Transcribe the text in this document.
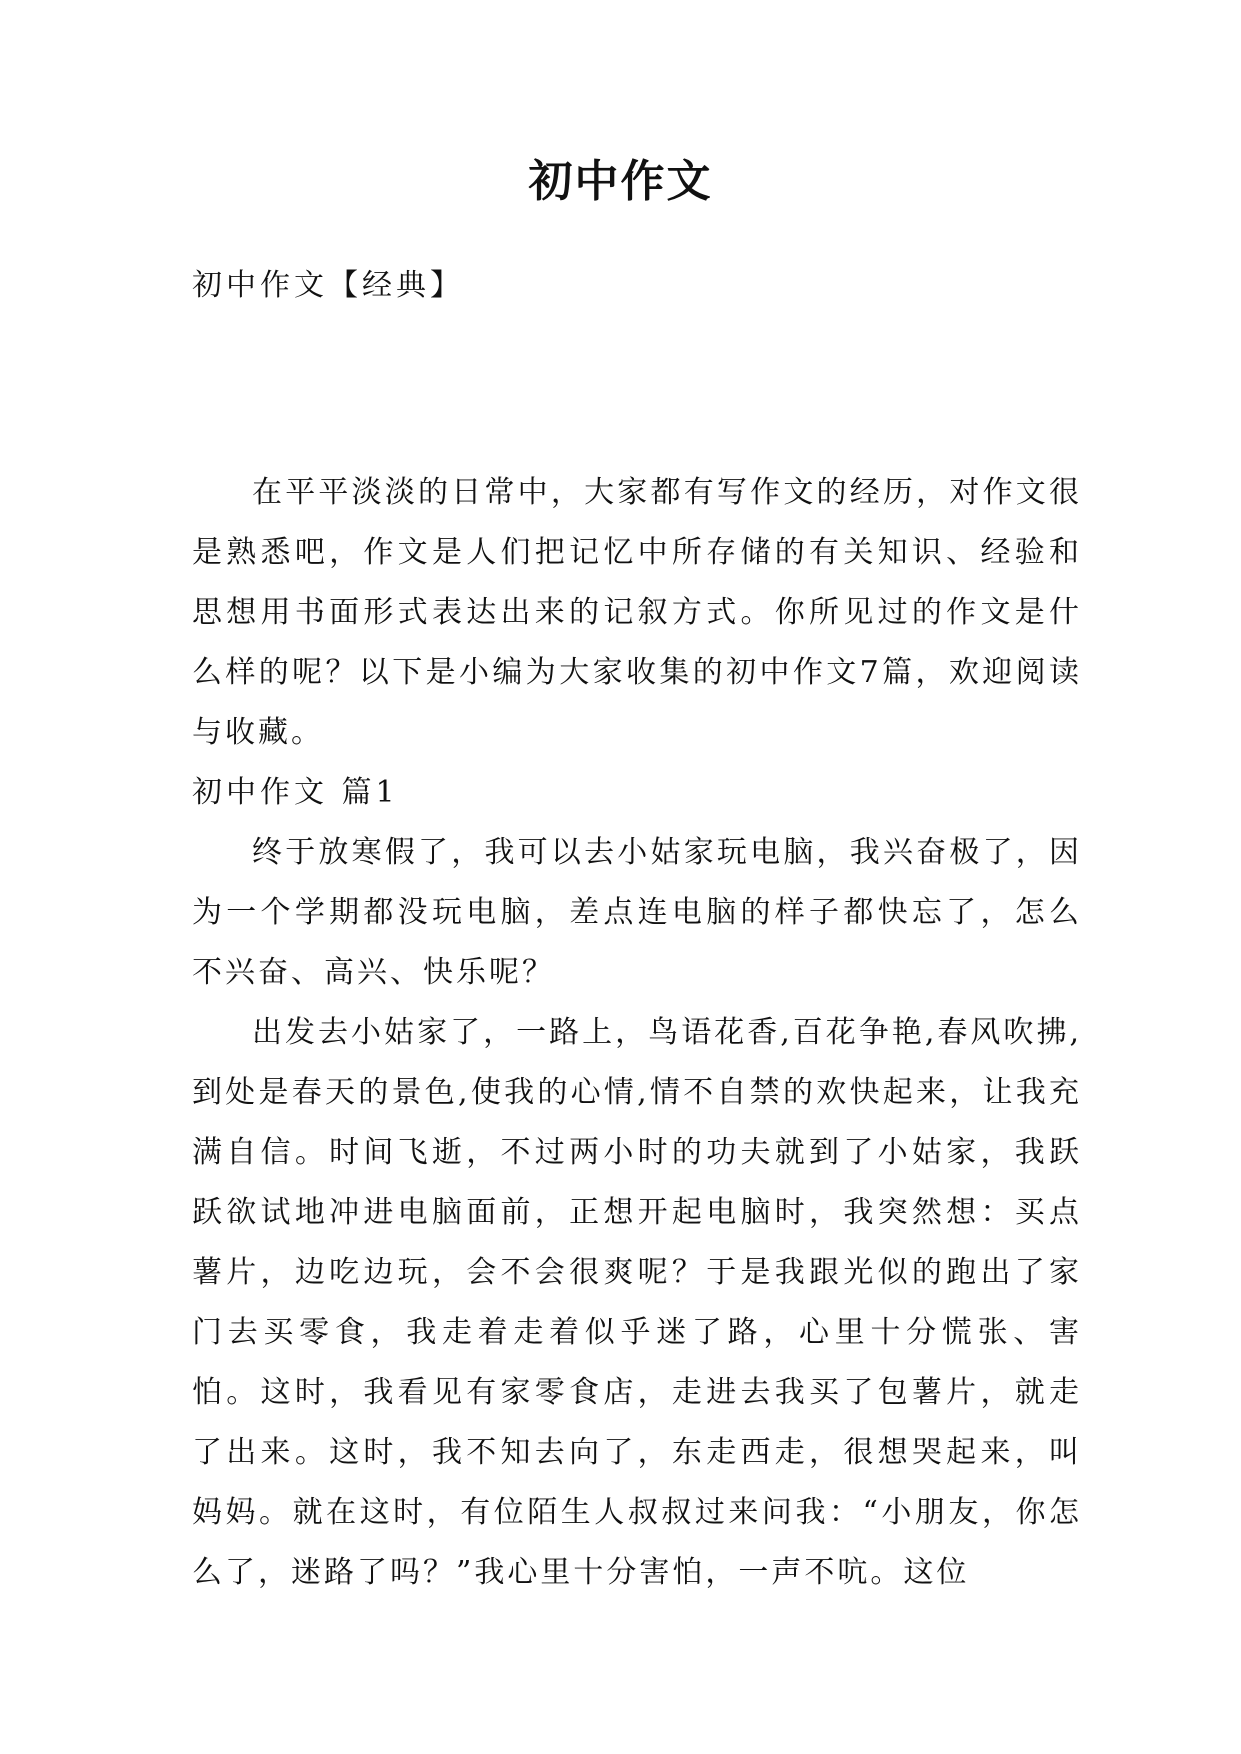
初中作文
初中作文【经典】

在平平淡淡的日常中，大家都有写作文的经历，对作文很是熟悉吧，作文是人们把记忆中所存储的有关知识、经验和思想用书面形式表达出来的记叙方式。你所见过的作文是什么样的呢？以下是小编为大家收集的初中作文7篇，欢迎阅读与收藏。

初中作文 篇1

终于放寒假了，我可以去小姑家玩电脑，我兴奋极了，因为一个学期都没玩电脑，差点连电脑的样子都快忘了，怎么不兴奋、高兴、快乐呢？

出发去小姑家了，一路上，鸟语花香,百花争艳,春风吹拂,到处是春天的景色,使我的心情,情不自禁的欢快起来，让我充满自信。时间飞逝，不过两小时的功夫就到了小姑家，我跃跃欲试地冲进电脑面前，正想开起电脑时，我突然想：买点薯片，边吃边玩，会不会很爽呢？于是我跟光似的跑出了家门去买零食，我走着走着似乎迷了路，心里十分慌张、害怕。这时，我看见有家零食店，走进去我买了包薯片，就走了出来。这时，我不知去向了，东走西走，很想哭起来，叫妈妈。就在这时，有位陌生人叔叔过来问我：“小朋友，你怎么了，迷路了吗？”我心里十分害怕，一声不吭。这位
